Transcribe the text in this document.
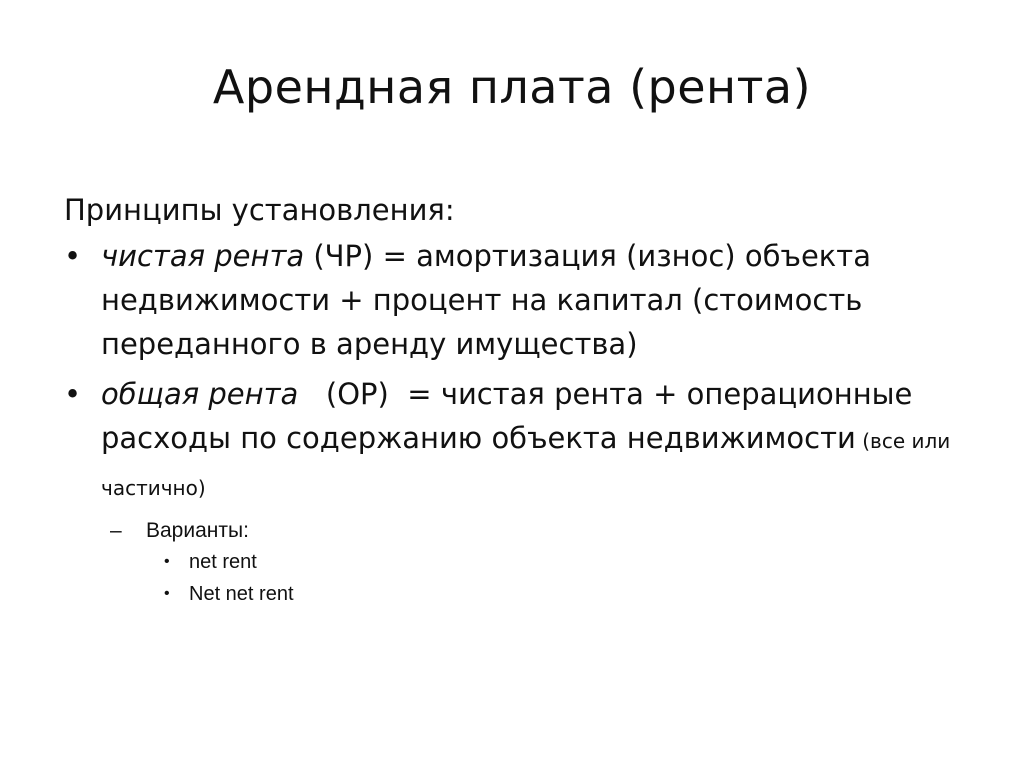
Арендная плата (рента)

Принципы установления:

• чистая рента (ЧР) = амортизация (износ) объекта недвижимости + процент на капитал (стоимость переданного в аренду имущества)
• общая рента   (ОР)  = чистая рента + операционные расходы по содержанию объекта недвижимости (все или частично)
– Варианты:
• net rent
• Net net rent
